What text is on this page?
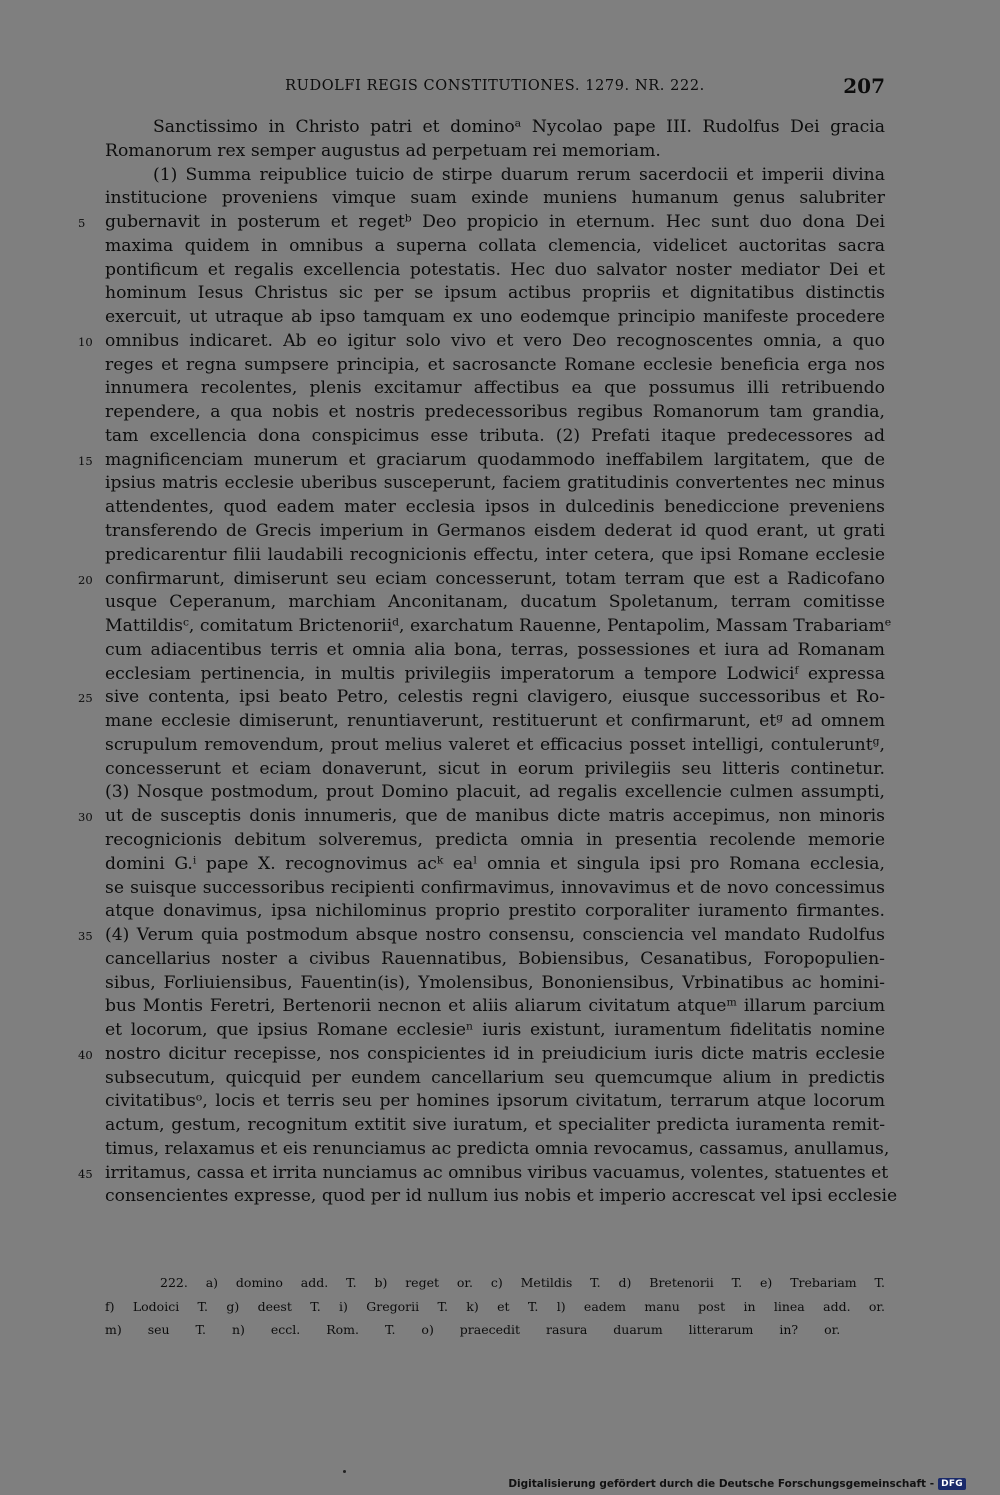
RUDOLFI REGIS CONSTITUTIONES. 1279. NR. 222.	207
Sanctissimo in Christo patri et dominoᵃ Nycolao pape III. Rudolfus Dei gracia
Romanorum rex semper augustus ad perpetuam rei memoriam.
(1) Summa reipublice tuicio de stirpe duarum rerum sacerdocii et imperii divina
institucione proveniens vimque suam exinde muniens humanum genus salubriter
5	gubernavit in posterum et regetᵇ Deo propicio in eternum. Hec sunt duo dona Dei
maxima quidem in omnibus a superna collata clemencia, videlicet auctoritas sacra
pontificum et regalis excellencia potestatis. Hec duo salvator noster mediator Dei et
hominum Iesus Christus sic per se ipsum actibus propriis et dignitatibus distinctis
exercuit, ut utraque ab ipso tamquam ex uno eodemque principio manifeste procedere
10 omnibus indicaret. Ab eo igitur solo vivo et vero Deo recognoscentes omnia, a quo
reges et regna sumpsere principia, et sacrosancte Romane ecclesie beneficia erga nos
innumera recolentes, plenis excitamur affectibus ea que possumus illi retribuendo
rependere, a qua nobis et nostris predecessoribus regibus Romanorum tam grandia,
tam excellencia dona conspicimus esse tributa. (2) Prefati itaque predecessores ad
15 magnificenciam munerum et graciarum quodammodo ineffabilem largitatem, que de
ipsius matris ecclesie uberibus susceperunt, faciem gratitudinis convertentes nec minus
attendentes, quod eadem mater ecclesia ipsos in dulcedinis benediccione preveniens
transferendo de Grecis imperium in Germanos eisdem dederat id quod erant, ut grati
predicarentur filii laudabili recognicionis effectu, inter cetera, que ipsi Romane ecclesie
20 confirmarunt, dimiserunt seu eciam concesserunt, totam terram que est a Radicofano
usque Ceperanum, marchiam Anconitanam, ducatum Spoletanum, terram comitisse
Mattildisᶜ, comitatum Brictenoriiᵈ, exarchatum Rauenne, Pentapolim, Massam Trabariamᵉ
cum adiacentibus terris et omnia alia bona, terras, possessiones et iura ad Romanam
ecclesiam pertinencia, in multis privilegiis imperatorum a tempore Lodwiciᶠ expressa
25 sive contenta, ipsi beato Petro, celestis regni clavigero, eiusque successoribus et Ro-
mane ecclesie dimiserunt, renuntiaverunt, restituerunt et confirmarunt, etᵍ ad omnem
scrupulum removendum, prout melius valeret et efficacius posset intelligi, contuleruntᵍ,
concesserunt et eciam donaverunt, sicut in eorum privilegiis seu litteris continetur.
(3) Nosque postmodum, prout Domino placuit, ad regalis excellencie culmen assumpti,
30 ut de susceptis donis innumeris, que de manibus dicte matris accepimus, non minoris
recognicionis debitum solveremus, predicta omnia in presentia recolende memorie
domini G.ⁱ pape X. recognovimus acᵏ eaˡ omnia et singula ipsi pro Romana ecclesia,
se suisque successoribus recipienti confirmavimus, innovavimus et de novo concessimus
atque donavimus, ipsa nichilominus proprio prestito corporaliter iuramento firmantes.
35 (4) Verum quia postmodum absque nostro consensu, consciencia vel mandato Rudolfus
cancellarius noster a civibus Rauennatibus, Bobiensibus, Cesanatibus, Foropopulien-
sibus, Forliuiensibus, Fauentin(is), Ymolensibus, Bononiensibus, Vrbinatibus ac homini-
bus Montis Feretri, Bertenorii necnon et aliis aliarum civitatum atqueᵐ illarum parcium
et locorum, que ipsius Romane ecclesieⁿ iuris existunt, iuramentum fidelitatis nomine
40 nostro dicitur recepisse, nos conspicientes id in preiudicium iuris dicte matris ecclesie
subsecutum, quicquid per eundem cancellarium seu quemcumque alium in predictis
civitatibusᵒ, locis et terris seu per homines ipsorum civitatum, terrarum atque locorum
actum, gestum, recognitum extitit sive iuratum, et specialiter predicta iuramenta remit-
timus, relaxamus et eis renunciamus ac predicta omnia revocamus, cassamus, anullamus,
45 irritamus, cassa et irrita nunciamus ac omnibus viribus vacuamus, volentes, statuentes et
consencientes expresse, quod per id nullum ius nobis et imperio accrescat vel ipsi ecclesie
222. a) domino add. T. b) reget or. c) Metildis T. d) Bretenorii T. e) Trebariam T.
f) Lodoici T. g) deest T. i) Gregorii T. k) et T. l) eadem manu post in linea add. or.
m) seu T. n) eccl. Rom. T. o) praecedit rasura duarum litterarum in? or.
Digitalisierung gefördert durch die Deutsche Forschungsgemeinschaft - DFG
